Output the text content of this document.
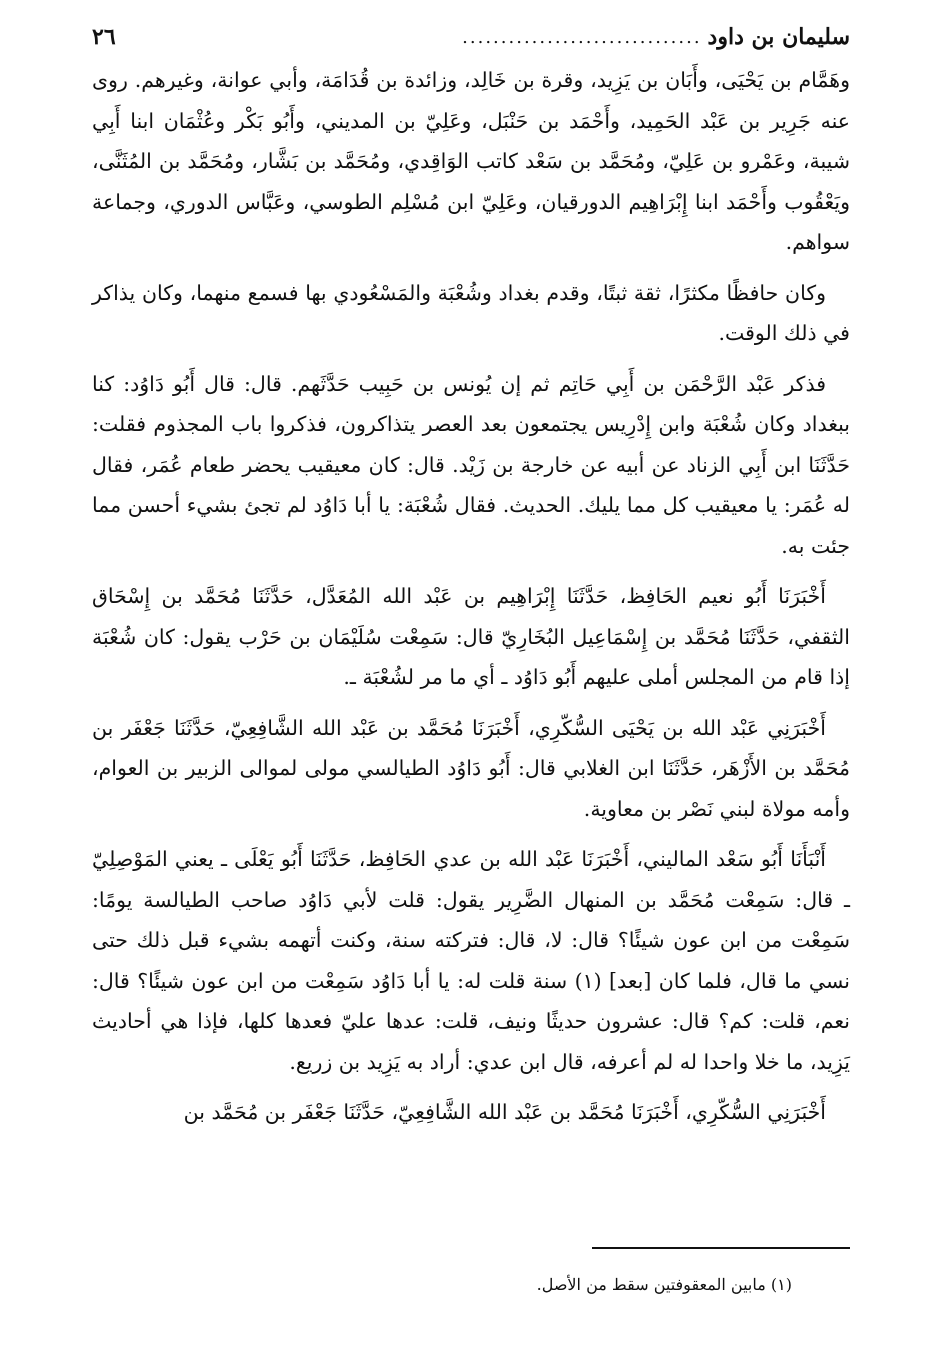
سليمان بن داود
...............................
٢٦

وهَمَّام بن يَحْيَى، وأَبَان بن يَزِيد، وقرة بن خَالِد، وزائدة بن قُدَامَة، وأبي عوانة، وغيرهم. روى عنه جَرِير بن عَبْد الحَمِيد، وأَحْمَد بن حَنْبَل، وعَلِيّ بن المديني، وأَبُو بَكْر وعُثْمَان ابنا أَبِي شيبة، وعَمْرو بن عَلِيّ، ومُحَمَّد بن سَعْد كاتب الوَاقِدي، ومُحَمَّد بن بَشَّار، ومُحَمَّد بن المُثَنَّى، ويَعْقُوب وأَحْمَد ابنا إِبْرَاهِيم الدورقيان، وعَلِيّ ابن مُسْلِم الطوسي، وعَبَّاس الدوري، وجماعة سواهم.

وكان حافظًا مكثرًا، ثقة ثبتًا، وقدم بغداد وشُعْبَة والمَسْعُودي بها فسمع منهما، وكان يذاكر في ذلك الوقت.

فذكر عَبْد الرَّحْمَن بن أَبِي حَاتِم ثم إن يُونس بن حَبِيب حَدَّثَهم. قال: قال أَبُو دَاوُد: كنا ببغداد وكان شُعْبَة وابن إِدْرِيس يجتمعون بعد العصر يتذاكرون، فذكروا باب المجذوم فقلت: حَدَّثَنَا ابن أَبِي الزناد عن أبيه عن خارجة بن زَيْد. قال: كان معيقيب يحضر طعام عُمَر، فقال له عُمَر: يا معيقيب كل مما يليك. الحديث. فقال شُعْبَة: يا أبا دَاوُد لم تجئ بشيء أحسن مما جئت به.

أَخْبَرَنَا أَبُو نعيم الحَافِظ، حَدَّثَنَا إِبْرَاهِيم بن عَبْد الله المُعَدَّل، حَدَّثَنَا مُحَمَّد بن إِسْحَاق الثقفي، حَدَّثَنَا مُحَمَّد بن إِسْمَاعِيل البُخَارِيّ قال: سَمِعْت سُلَيْمَان بن حَرْب يقول: كان شُعْبَة إذا قام من المجلس أملى عليهم أَبُو دَاوُد ـ أي ما مر لشُعْبَة ـ.

أَخْبَرَنِي عَبْد الله بن يَحْيَى السُّكّرِي، أَخْبَرَنَا مُحَمَّد بن عَبْد الله الشَّافِعِيّ، حَدَّثَنَا جَعْفَر بن مُحَمَّد بن الأَزْهَر، حَدَّثَنَا ابن الغلابي قال: أَبُو دَاوُد الطيالسي مولى لموالى الزبير بن العوام، وأمه مولاة لبني نَصْر بن معاوية.

أَنْبَأَنَا أَبُو سَعْد الماليني، أَخْبَرَنَا عَبْد الله بن عدي الحَافِظ، حَدَّثَنَا أَبُو يَعْلَى ـ يعني المَوْصِلِيّ ـ قال: سَمِعْت مُحَمَّد بن المنهال الضَّرِير يقول: قلت لأبي دَاوُد صاحب الطيالسة يومًا: سَمِعْت من ابن عون شيئًا؟ قال: لا، قال: فتركته سنة، وكنت أتهمه بشيء قبل ذلك حتى نسي ما قال، فلما كان [بعد] (١) سنة قلت له: يا أبا دَاوُد سَمِعْت من ابن عون شيئًا؟ قال: نعم، قلت: كم؟ قال: عشرون حديثًا ونيف، قلت: عدها عليّ فعدها كلها، فإذا هي أحاديث يَزِيد، ما خلا واحدا له لم أعرفه، قال ابن عدي: أراد به يَزِيد بن زريع.

أَخْبَرَنِي السُّكّرِي، أَخْبَرَنَا مُحَمَّد بن عَبْد الله الشَّافِعِيّ، حَدَّثَنَا جَعْفَر بن مُحَمَّد بن

(١) مابين المعقوفتين سقط من الأصل.
